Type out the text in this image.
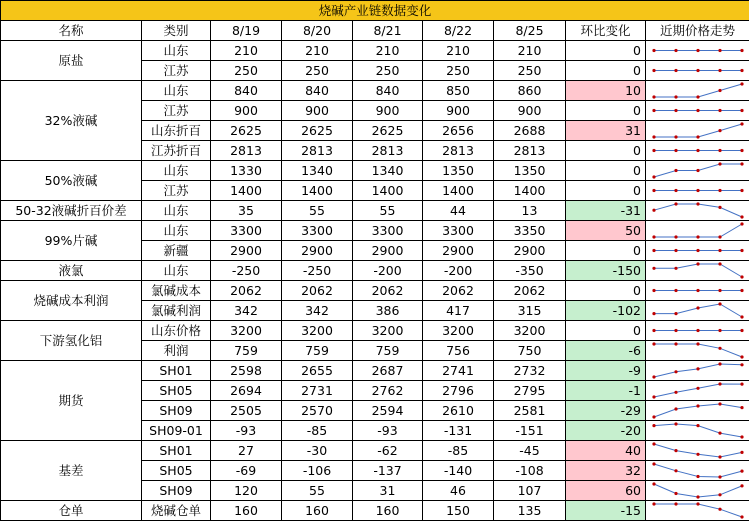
烧碱产业链数据变化								
名称	类别	8/19	8/20	8/21	8/22	8/25	环比变化	近期价格走势
原盐	山东	210	210	210	210	210	0	

	江苏	250	250	250	250	250	0	

32%液碱	山东	840	840	840	850	860	10	

	江苏	900	900	900	900	900	0	

	山东折百	2625	2625	2625	2656	2688	31	

	江苏折百	2813	2813	2813	2813	2813	0	

50%液碱	山东	1330	1340	1340	1350	1350	0	

	江苏	1400	1400	1400	1400	1400	0	

50-32液碱折百价差	山东	35	55	55	44	13	-31	

99%片碱	山东	3300	3300	3300	3300	3350	50	

	新疆	2900	2900	2900	2900	2900	0	

液氯	山东	-250	-250	-200	-200	-350	-150	

烧碱成本利润	氯碱成本	2062	2062	2062	2062	2062	0	

	氯碱利润	342	342	386	417	315	-102	

下游氢化铝	山东价格	3200	3200	3200	3200	3200	0	

	利润	759	759	759	756	750	-6	

期货	SH01	2598	2655	2687	2741	2732	-9	

	SH05	2694	2731	2762	2796	2795	-1	

	SH09	2505	2570	2594	2610	2581	-29	

	SH09-01	-93	-85	-93	-131	-151	-20	

基差	SH01	27	-30	-62	-85	-45	40	

	SH05	-69	-106	-137	-140	-108	32	

	SH09	120	55	31	46	107	60	

仓单	烧碱仓单	160	160	160	150	135	-15	
